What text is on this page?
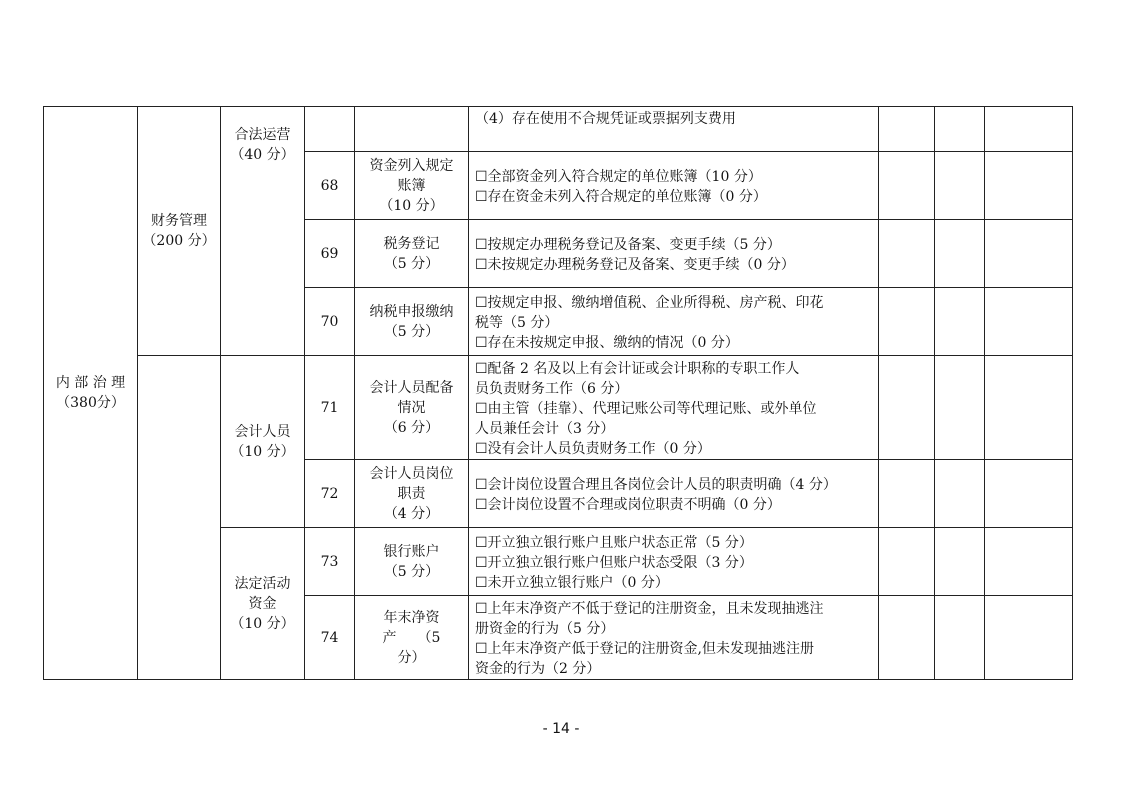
内 部 治 理
（380分）	财务管理
（200 分）	合法运营
（40 分）			（4）存在使用不合规凭证或票据列支费用			

			68	资金列入规定
账簿
（10 分）	☐全部资金列入符合规定的单位账簿（10 分）
☐存在资金未列入符合规定的单位账簿（0 分）			

			69	税务登记
（5 分）	☐按规定办理税务登记及备案、变更手续（5 分）
☐未按规定办理税务登记及备案、变更手续（0 分）			

			70	纳税申报缴纳
（5 分）	☐按规定申报、缴纳增值税、企业所得税、房产税、印花
税等（5 分）
☐存在未按规定申报、缴纳的情况（0 分）			

		会计人员
（10 分）	71	会计人员配备
情况
（6 分）	☐配备 2 名及以上有会计证或会计职称的专职工作人
员负责财务工作（6 分）
☐由主管（挂靠）、代理记账公司等代理记账、或外单位
人员兼任会计（3 分）
☐没有会计人员负责财务工作（0 分）			

			72	会计人员岗位
职责
（4 分）	☐会计岗位设置合理且各岗位会计人员的职责明确（4 分）
☐会计岗位设置不合理或岗位职责不明确（0 分）			

		法定活动
资金
（10 分）	73	银行账户
（5 分）	☐开立独立银行账户且账户状态正常（5 分）
☐开立独立银行账户但账户状态受限（3 分）
☐未开立独立银行账户（0 分）			

			74	年末净资
产　　（5
分）	☐上年末净资产不低于登记的注册资金，且未发现抽逃注
册资金的行为（5 分）
☐上年末净资产低于登记的注册资金,但未发现抽逃注册
资金的行为（2 分）			

- 14 -
